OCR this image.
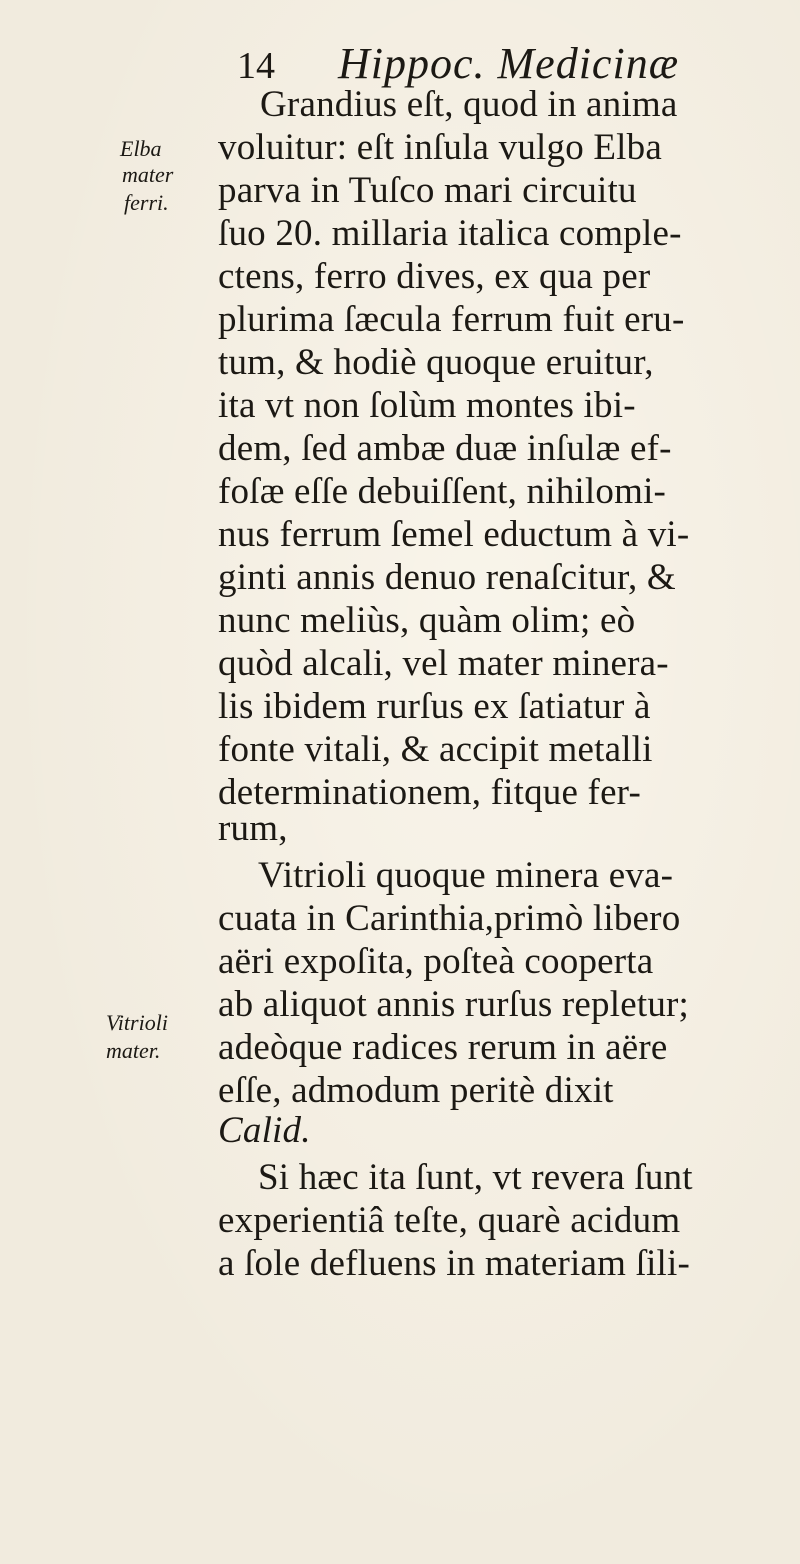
14 Hippoc. Medicinæ
Elba
mater
ferri.
Vitrioli
mater.
Grandius eſt, quod in anima
voluitur: eſt inſula vulgo Elba
parva in Tuſco mari circuitu
ſuo 20. millaria italica comple-
ctens, ferro dives, ex qua per
plurima ſæcula ferrum fuit eru-
tum, & hodiè quoque eruitur,
ita vt non ſolùm montes ibi-
dem, ſed ambæ duæ inſulæ ef-
foſæ eſſe debuiſſent, nihilomi-
nus ferrum ſemel eductum à vi-
ginti annis denuo renaſcitur, &
nunc meliùs, quàm olim; eò
quòd alcali, vel mater minera-
lis ibidem rurſus ex ſatiatur à
fonte vitali, & accipit metalli
determinationem, fitque fer-
rum,
Vitrioli quoque minera eva-
cuata in Carinthia,primò libero
aëri expoſita, poſteà cooperta
ab aliquot annis rurſus repletur;
adeòque radices rerum in aëre
eſſe, admodum peritè dixit
Calid.
Si hæc ita ſunt, vt revera ſunt
experientiâ teſte, quarè acidum
a ſole defluens in materiam ſili-
